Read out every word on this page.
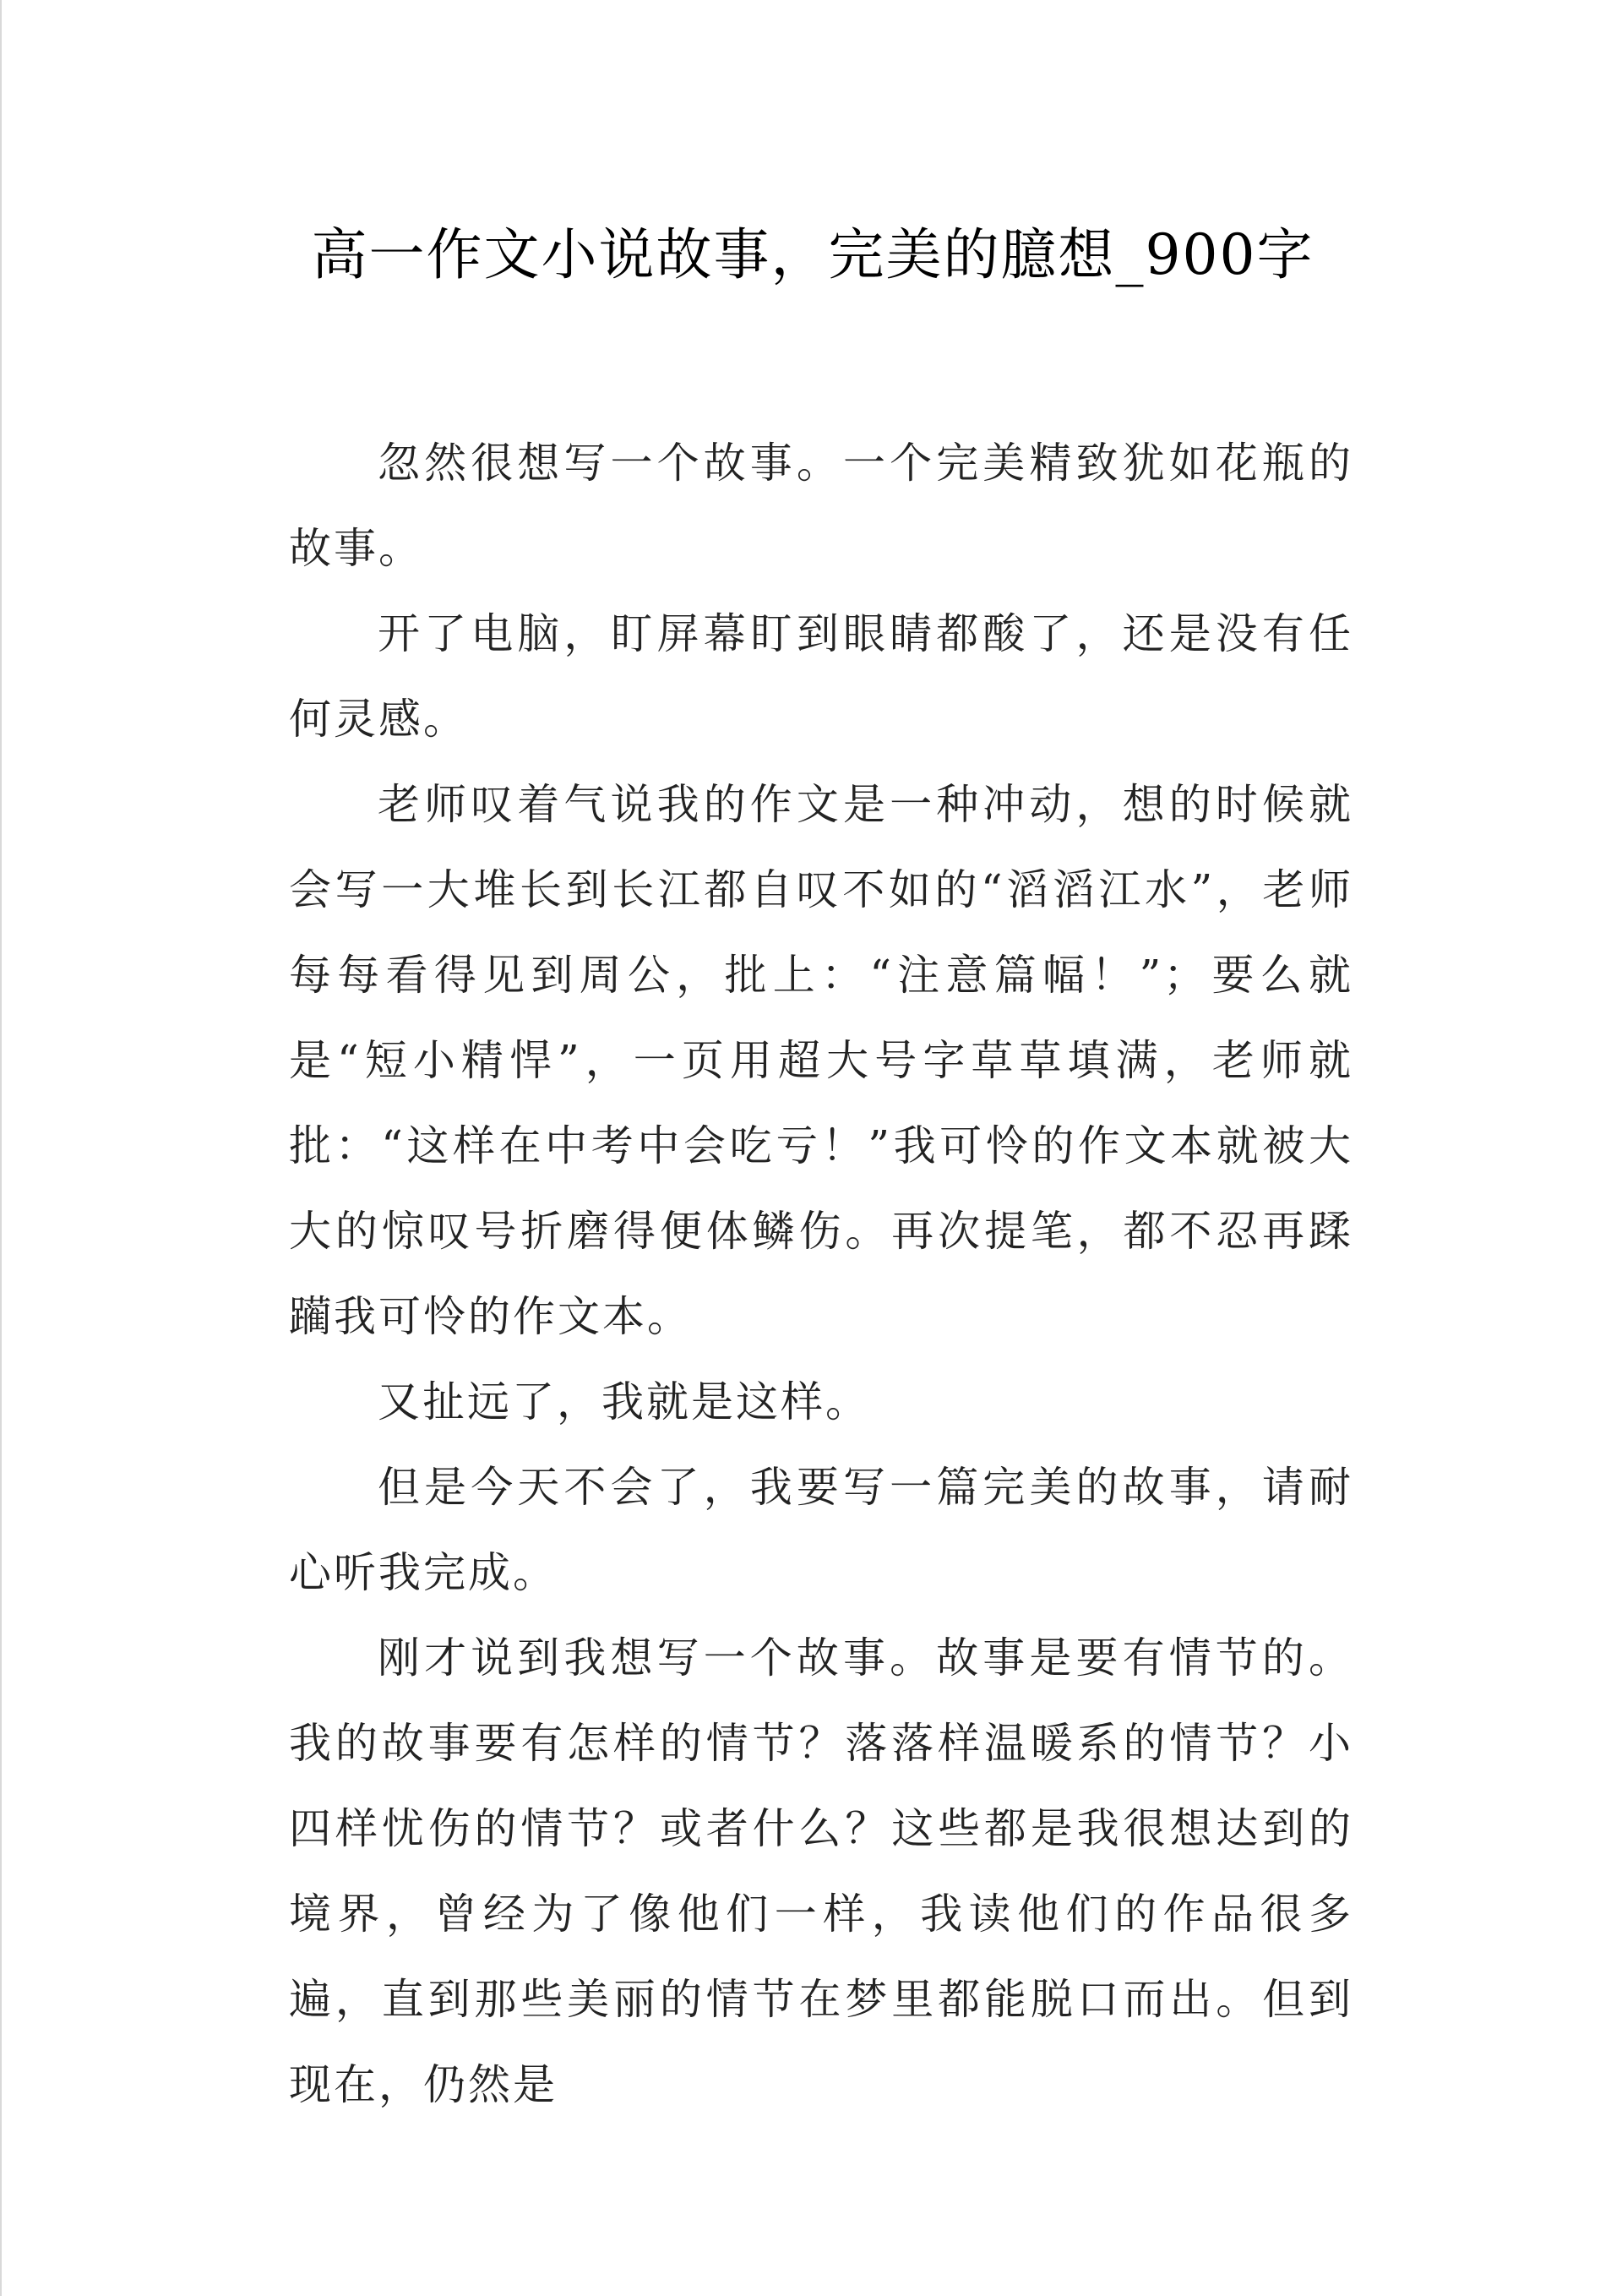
高一作文小说故事，完美的臆想_900字

忽然很想写一个故事。一个完美精致犹如花瓶的故事。

开了电脑，盯屏幕盯到眼睛都酸了，还是没有任何灵感。

老师叹着气说我的作文是一种冲动，想的时候就会写一大堆长到长江都自叹不如的“滔滔江水”，老师每每看得见到周公，批上：“注意篇幅！”；要么就是“短小精悍”，一页用超大号字草草填满，老师就批：“这样在中考中会吃亏！”我可怜的作文本就被大大的惊叹号折磨得便体鳞伤。再次提笔，都不忍再蹂躏我可怜的作文本。

又扯远了，我就是这样。

但是今天不会了，我要写一篇完美的故事，请耐心听我完成。

刚才说到我想写一个故事。故事是要有情节的。我的故事要有怎样的情节？落落样温暖系的情节？小四样忧伤的情节？或者什么？这些都是我很想达到的境界，曾经为了像他们一样，我读他们的作品很多遍，直到那些美丽的情节在梦里都能脱口而出。但到现在，仍然是
